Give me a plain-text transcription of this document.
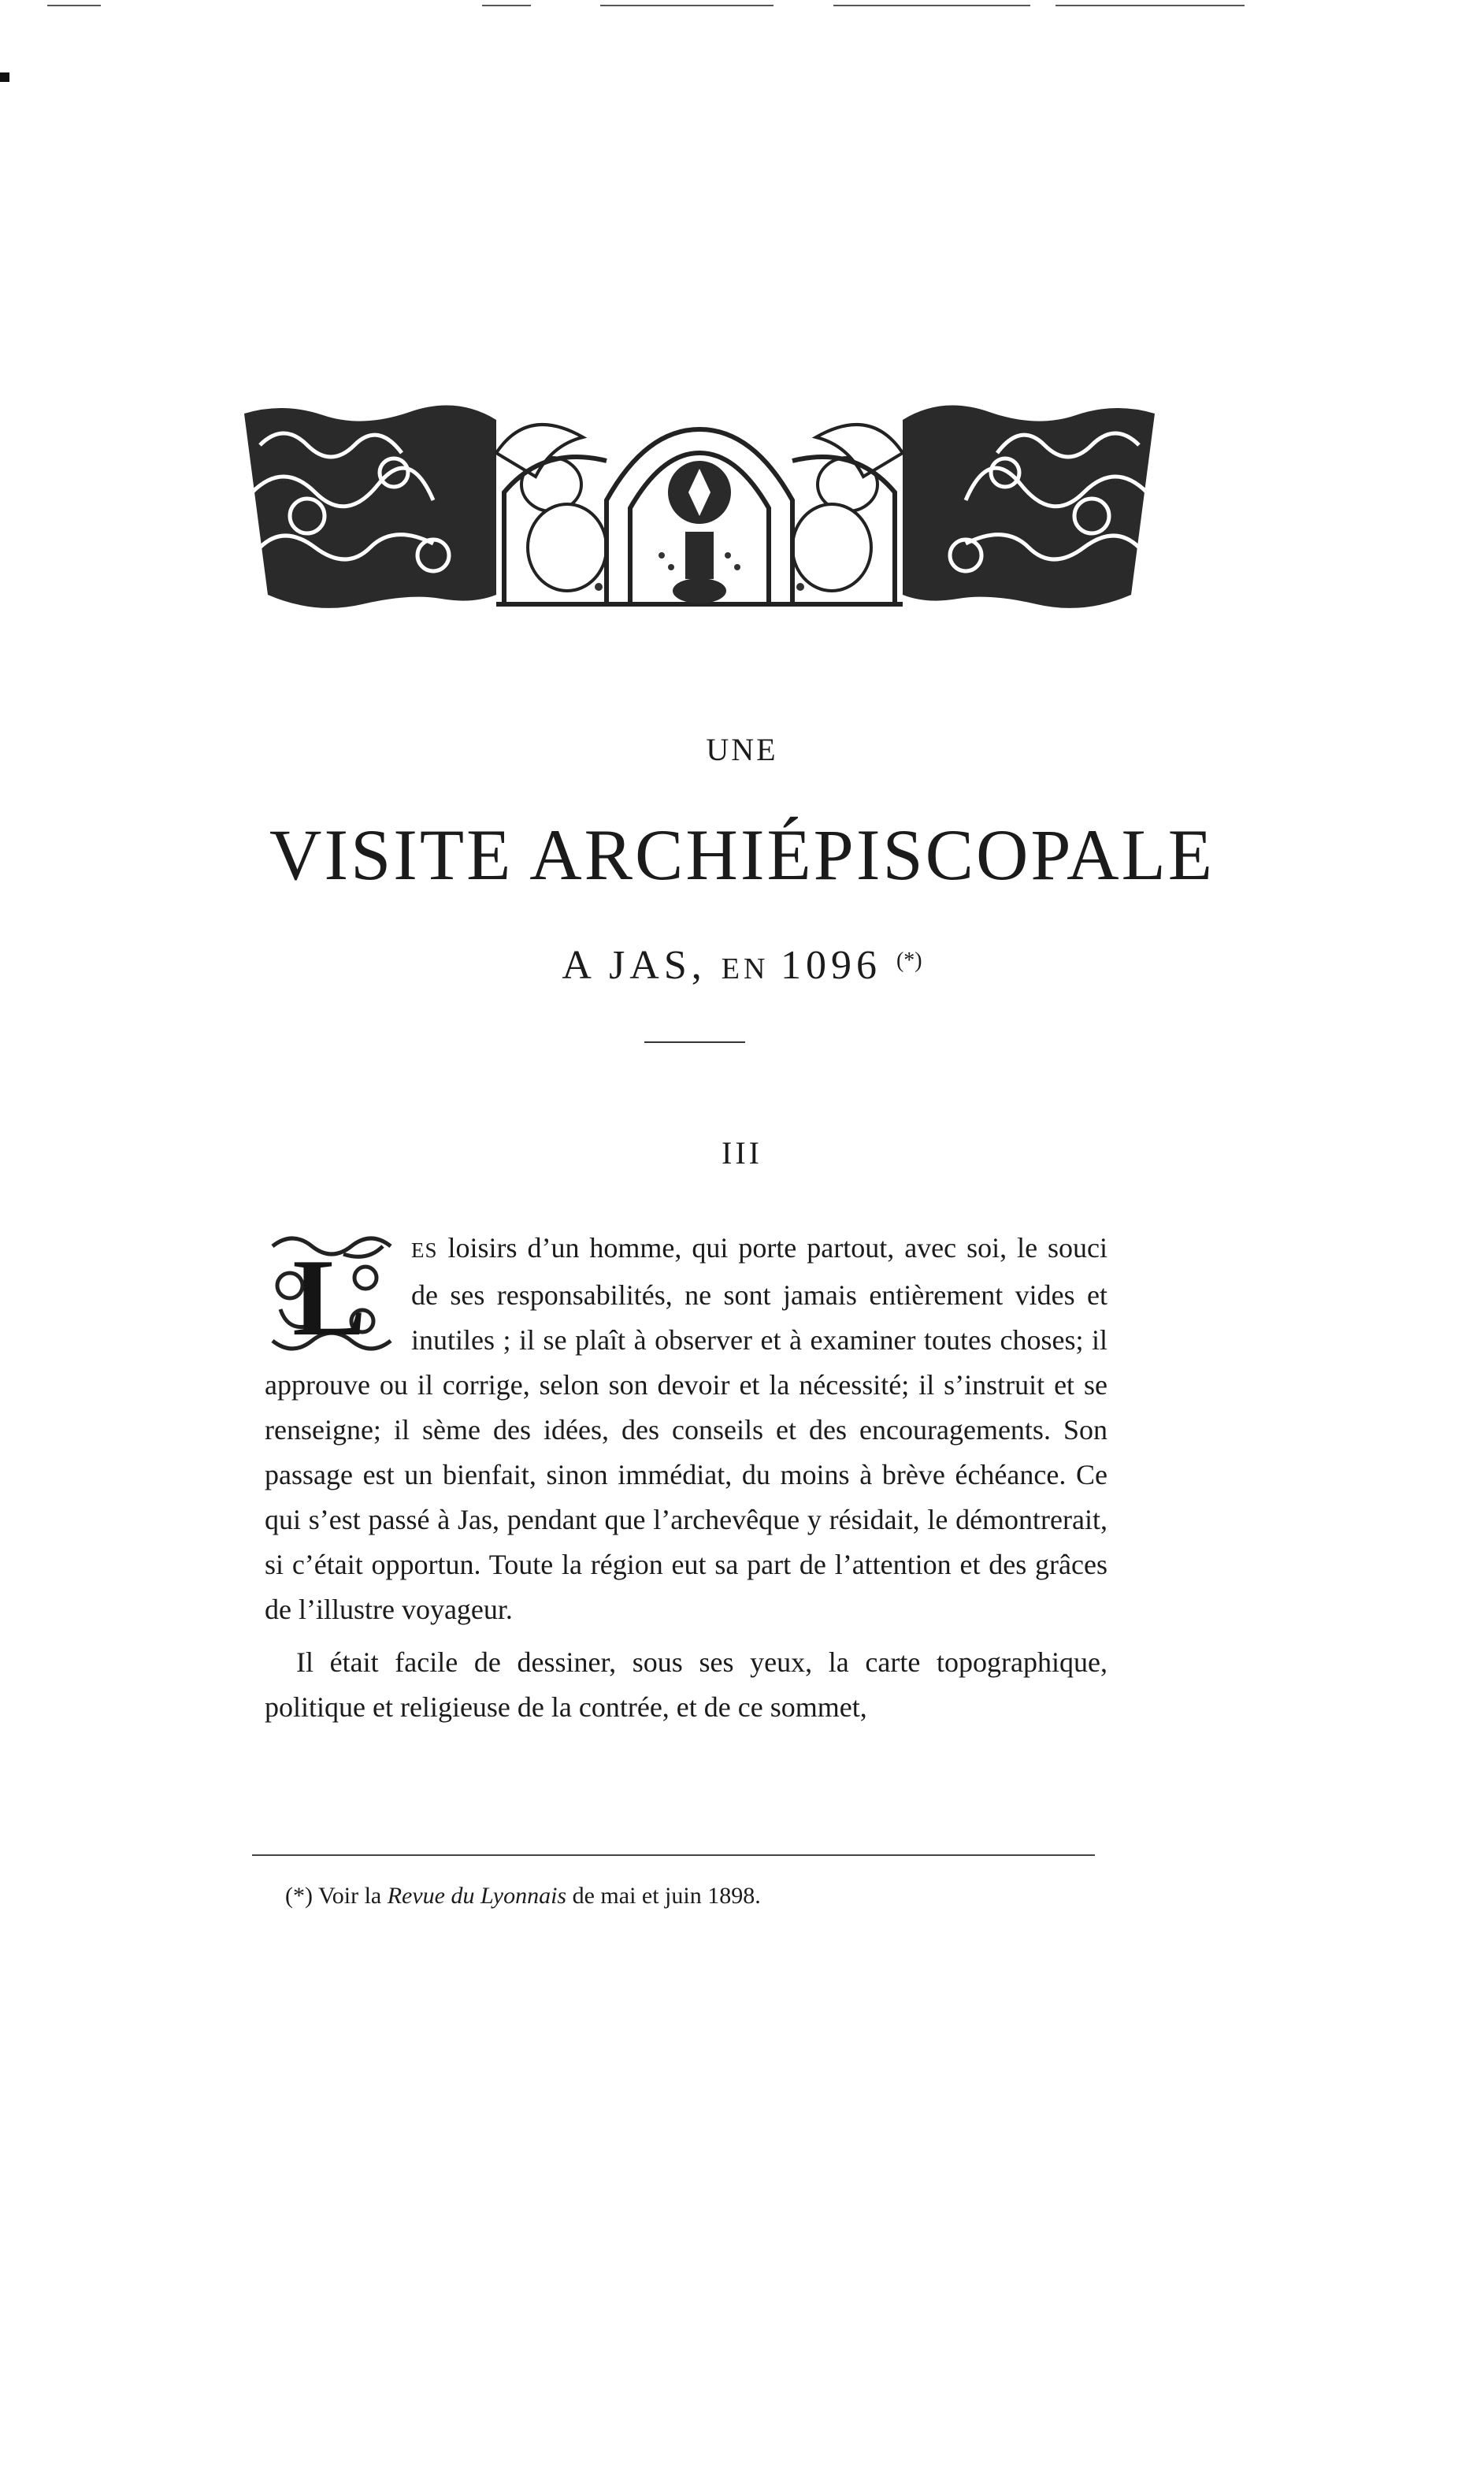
UNE
VISITE ARCHIÉPISCOPALE
A JAS, EN 1096 (*)
III
L	ES loisirs d’un homme, qui porte partout, avec soi, le souci de ses responsabilités, ne sont jamais entièrement vides et inutiles ; il se plaît à observer et à examiner toutes choses; il approuve ou il corrige, selon son devoir et la nécessité; il s’instruit et se renseigne; il sème des idées, des conseils et des encouragements. Son passage est un bienfait, sinon immédiat, du moins à brève échéance. Ce qui s’est passé à Jas, pendant que l’archevêque y résidait, le démontrerait, si c’était opportun. Toute la région eut sa part de l’attention et des grâces de l’illustre voyageur.

Il était facile de dessiner, sous ses yeux, la carte topographique, politique et religieuse de la contrée, et de ce sommet,

(*) Voir la Revue du Lyonnais de mai et juin 1898.
